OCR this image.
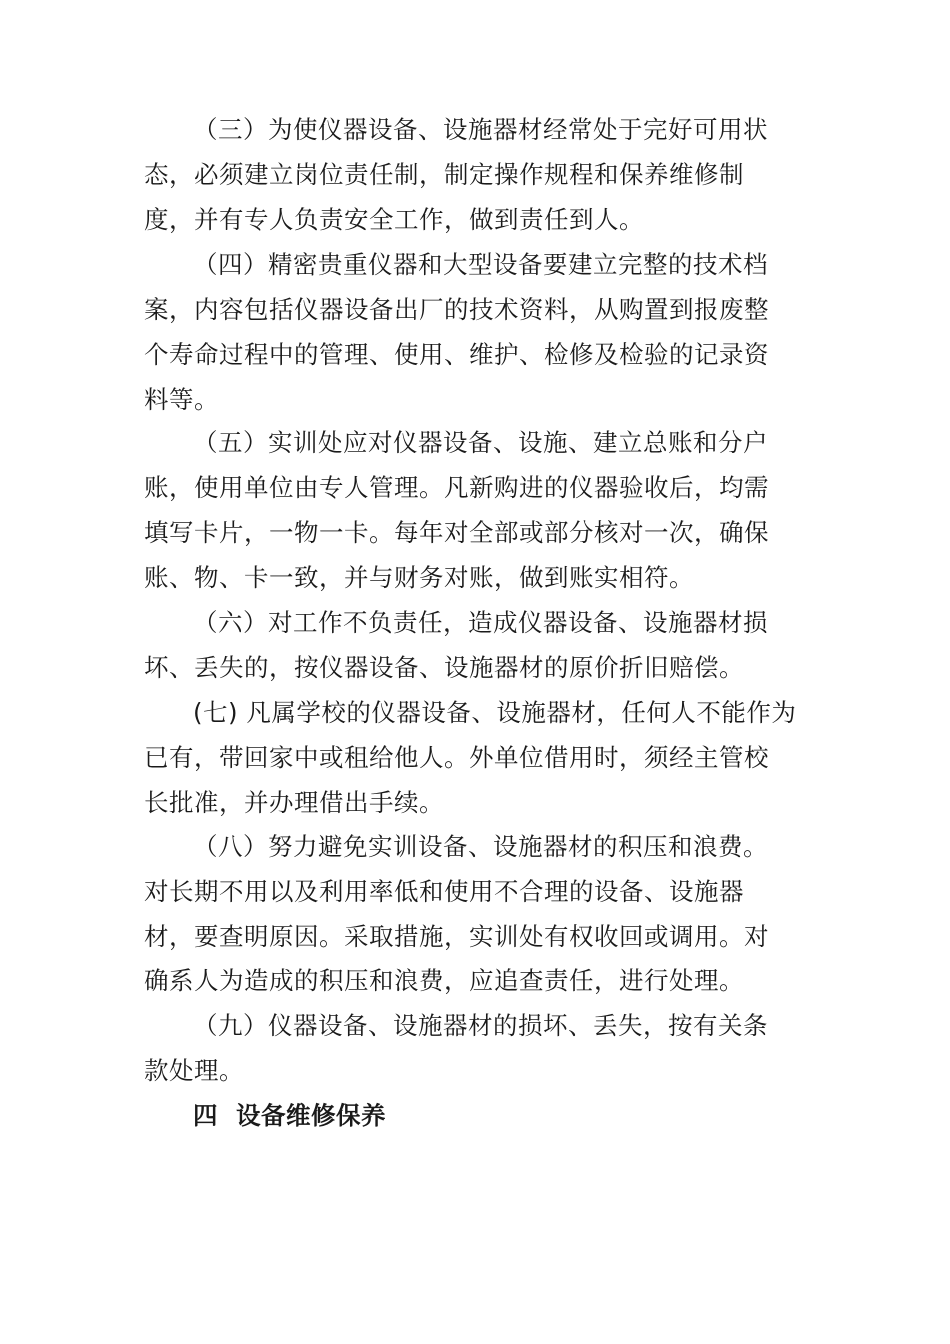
（三）为使仪器设备、设施器材经常处于完好可用状
态，必须建立岗位责任制，制定操作规程和保养维修制
度，并有专人负责安全工作，做到责任到人。
（四）精密贵重仪器和大型设备要建立完整的技术档
案，内容包括仪器设备出厂的技术资料，从购置到报废整
个寿命过程中的管理、使用、维护、检修及检验的记录资
料等。
（五）实训处应对仪器设备、设施、建立总账和分户
账，使用单位由专人管理。凡新购进的仪器验收后，均需
填写卡片，一物一卡。每年对全部或部分核对一次，确保
账、物、卡一致，并与财务对账，做到账实相符。
（六）对工作不负责任，造成仪器设备、设施器材损
坏、丢失的，按仪器设备、设施器材的原价折旧赔偿。
(七) 凡属学校的仪器设备、设施器材，任何人不能作为
已有，带回家中或租给他人。外单位借用时，须经主管校
长批准，并办理借出手续。
（八）努力避免实训设备、设施器材的积压和浪费。
对长期不用以及利用率低和使用不合理的设备、设施器
材，要查明原因。采取措施，实训处有权收回或调用。对
确系人为造成的积压和浪费，应追查责任，进行处理。
（九）仪器设备、设施器材的损坏、丢失，按有关条
款处理。
四 设备维修保养
